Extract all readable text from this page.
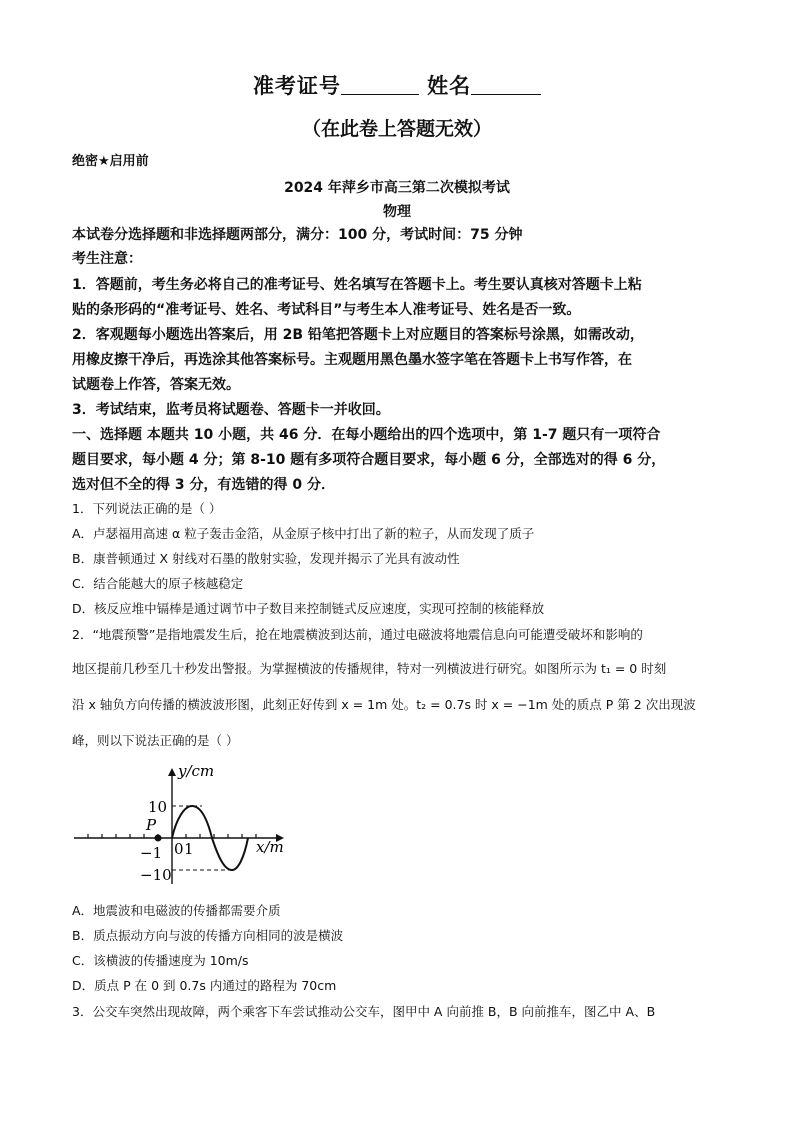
准考证号	姓名
（在此卷上答题无效）
绝密★启用前
2024 年萍乡市高三第二次模拟考试
物理
本试卷分选择题和非选择题两部分，满分：100 分，考试时间：75 分钟
考生注意：
1．答题前，考生务必将自己的准考证号、姓名填写在答题卡上。考生要认真核对答题卡上粘
贴的条形码的“准考证号、姓名、考试科目”与考生本人准考证号、姓名是否一致。
2．客观题每小题选出答案后，用 2B 铅笔把答题卡上对应题目的答案标号涂黑，如需改动，
用橡皮擦干净后，再选涂其他答案标号。主观题用黑色墨水签字笔在答题卡上书写作答，在
试题卷上作答，答案无效。
3．考试结束，监考员将试题卷、答题卡一并收回。
一、选择题 本题共 10 小题，共 46 分．在每小题给出的四个选项中，第 1-7 题只有一项符合
题目要求，每小题 4 分；第 8-10 题有多项符合题目要求，每小题 6 分，全部选对的得 6 分，
选对但不全的得 3 分，有选错的得 0 分．
1．下列说法正确的是（ ）
A．卢瑟福用高速 α 粒子轰击金箔，从金原子核中打出了新的粒子，从而发现了质子
B．康普顿通过 X 射线对石墨的散射实验，发现并揭示了光具有波动性
C．结合能越大的原子核越稳定
D．核反应堆中镉棒是通过调节中子数目来控制链式反应速度，实现可控制的核能释放
2．“地震预警”是指地震发生后，抢在地震横波到达前，通过电磁波将地震信息向可能遭受破坏和影响的
地区提前几秒至几十秒发出警报。为掌握横波的传播规律，特对一列横波进行研究。如图所示为 t₁ = 0 时刻
沿 x 轴负方向传播的横波波形图，此刻正好传到 x = 1m 处。t₂ = 0.7s 时 x = −1m 处的质点 P 第 2 次出现波
峰，则以下说法正确的是（ ）
y/cm
x/m
10
−10
−1 0 1
P
A．地震波和电磁波的传播都需要介质
B．质点振动方向与波的传播方向相同的波是横波
C．该横波的传播速度为 10m/s
D．质点 P 在 0 到 0.7s 内通过的路程为 70cm
3．公交车突然出现故障，两个乘客下车尝试推动公交车，图甲中 A 向前推 B，B 向前推车，图乙中 A、B
